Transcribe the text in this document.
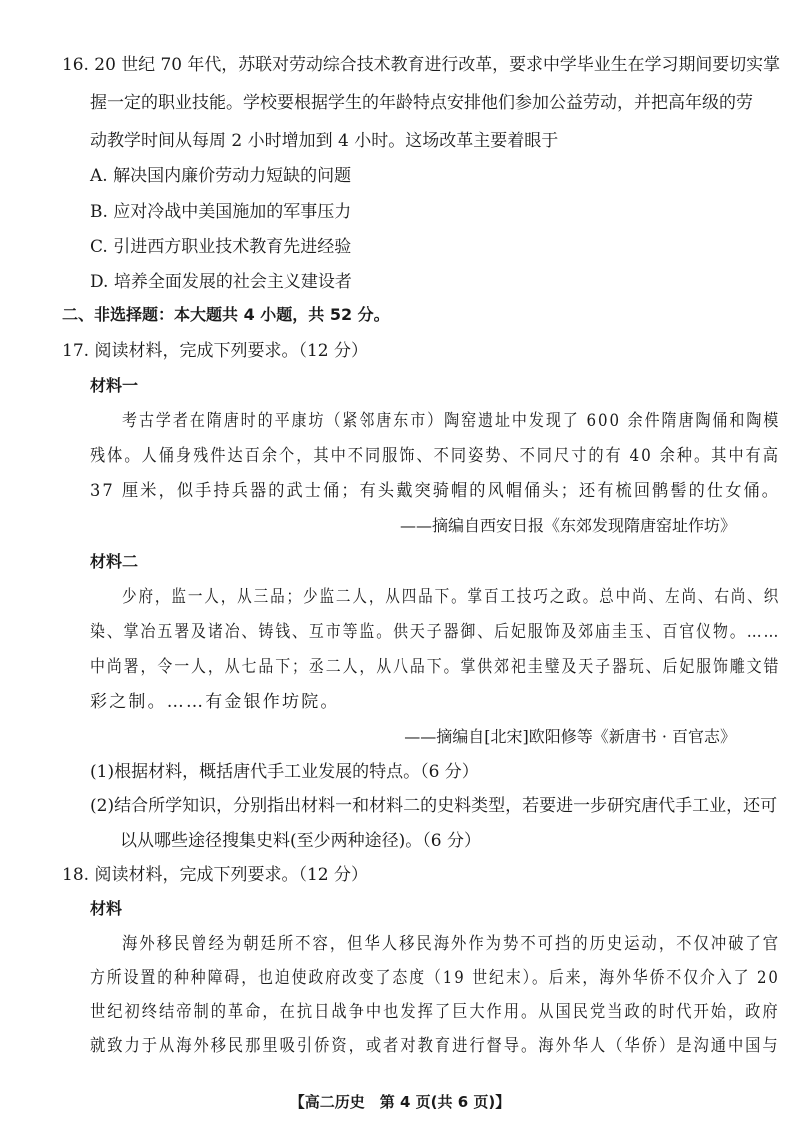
16. 20 世纪 70 年代，苏联对劳动综合技术教育进行改革，要求中学毕业生在学习期间要切实掌
握一定的职业技能。学校要根据学生的年龄特点安排他们参加公益劳动，并把高年级的劳
动教学时间从每周 2 小时增加到 4 小时。这场改革主要着眼于
A. 解决国内廉价劳动力短缺的问题
B. 应对冷战中美国施加的军事压力
C. 引进西方职业技术教育先进经验
D. 培养全面发展的社会主义建设者
二、非选择题：本大题共 4 小题，共 52 分。
17. 阅读材料，完成下列要求。（12 分）
材料一
考古学者在隋唐时的平康坊（紧邻唐东市）陶窑遗址中发现了 600 余件隋唐陶俑和陶模
残体。人俑身残件达百余个，其中不同服饰、不同姿势、不同尺寸的有 40 余种。其中有高
37 厘米，似手持兵器的武士俑；有头戴突骑帽的风帽俑头；还有梳回鹘髻的仕女俑。
——摘编自西安日报《东郊发现隋唐窑址作坊》
材料二
少府，监一人，从三品；少监二人，从四品下。掌百工技巧之政。总中尚、左尚、右尚、织
染、掌冶五署及诸冶、铸钱、互市等监。供天子器御、后妃服饰及郊庙圭玉、百官仪物。……
中尚署，令一人，从七品下；丞二人，从八品下。掌供郊祀圭璧及天子器玩、后妃服饰雕文错
彩之制。……有金银作坊院。
——摘编自[北宋]欧阳修等《新唐书 · 百官志》
(1)根据材料，概括唐代手工业发展的特点。（6 分）
(2)结合所学知识，分别指出材料一和材料二的史料类型，若要进一步研究唐代手工业，还可
以从哪些途径搜集史料(至少两种途径)。（6 分）
18. 阅读材料，完成下列要求。（12 分）
材料
海外移民曾经为朝廷所不容，但华人移民海外作为势不可挡的历史运动，不仅冲破了官
方所设置的种种障碍，也迫使政府改变了态度（19 世纪末）。后来，海外华侨不仅介入了 20
世纪初终结帝制的革命，在抗日战争中也发挥了巨大作用。从国民党当政的时代开始，政府
就致力于从海外移民那里吸引侨资，或者对教育进行督导。海外华人（华侨）是沟通中国与
【高二历史　第 4 页(共 6 页)】
